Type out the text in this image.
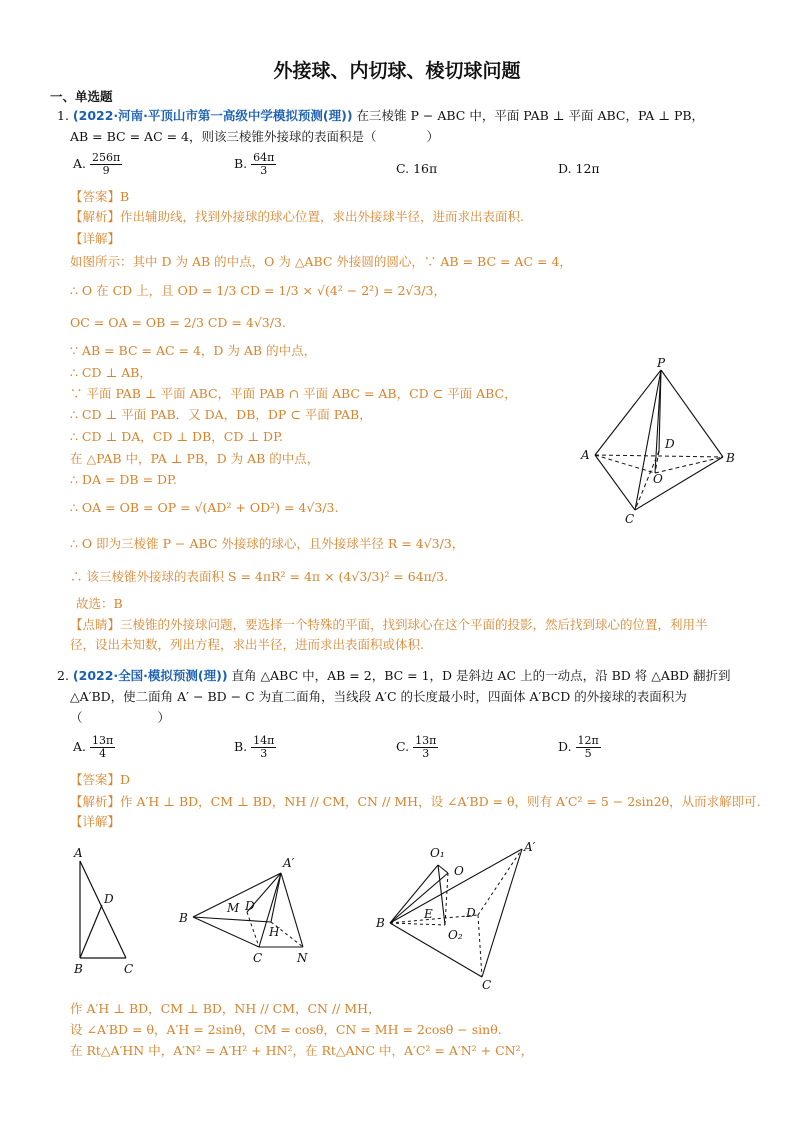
外接球、内切球、棱切球问题
一、单选题
1. (2022·河南·平顶山市第一高级中学模拟预测(理)) 在三棱锥 P − ABC 中，平面 PAB ⊥ 平面 ABC，PA ⊥ PB，
AB = BC = AC = 4，则该三棱锥外接球的表面积是（　　　　）
A. $\frac{256\pi}{9}$	B. $\frac{64\pi}{3}$	C. 16π	D. 12π
【答案】B
【解析】作出辅助线，找到外接球的球心位置，求出外接球半径，进而求出表面积.
【详解】
如图所示：其中 D 为 AB 的中点，O 为 △ABC 外接圆的圆心，∵ AB = BC = AC = 4，
∴ O 在 CD 上，且 OD = 1/3 CD = 1/3 × √(4² − 2²) = 2√3/3，
OC = OA = OB = 2/3 CD = 4√3/3.
∵ AB = BC = AC = 4，D 为 AB 的中点，
∴ CD ⊥ AB，
∵ 平面 PAB ⊥ 平面 ABC，平面 PAB ∩ 平面 ABC = AB，CD ⊂ 平面 ABC，
∴ CD ⊥ 平面 PAB．又 DA，DB，DP ⊂ 平面 PAB，
∴ CD ⊥ DA，CD ⊥ DB，CD ⊥ DP.
在 △PAB 中，PA ⊥ PB，D 为 AB 的中点，
∴ DA = DB = DP.
∴ OA = OB = OP = √(AD² + OD²) = 4√3/3.
∴ O 即为三棱锥 P − ABC 外接球的球心，且外接球半径 R = 4√3/3，
∴ 该三棱锥外接球的表面积 S = 4πR² = 4π × (4√3/3)² = 64π/3.
故选：B
【点睛】三棱锥的外接球问题，要选择一个特殊的平面，找到球心在这个平面的投影，然后找到球心的位置，利用半
径，设出未知数，列出方程，求出半径，进而求出表面积或体积.
P
A	B
C
D
O
2. (2022·全国·模拟预测(理)) 直角 △ABC 中，AB = 2，BC = 1，D 是斜边 AC 上的一动点，沿 BD 将 △ABD 翻折到
△A′BD，使二面角 A′ − BD − C 为直二面角，当线段 A′C 的长度最小时，四面体 A′BCD 的外接球的表面积为
（　　　　　　）
A. $\frac{13\pi}{4}$	B. $\frac{14\pi}{3}$	C. $\frac{13\pi}{3}$	D. $\frac{12\pi}{5}$
【答案】D
【解析】作 A′H ⊥ BD，CM ⊥ BD，NH // CM，CN // MH，设 ∠A′BD = θ，则有 A′C² = 5 − 2sin2θ，从而求解即可.
【详解】
A
D
B	C
A′
B
M D
H
C	N
O₁
O
A′
B
E	D
O₂
C
作 A′H ⊥ BD，CM ⊥ BD，NH // CM，CN // MH，
设 ∠A′BD = θ，A′H = 2sinθ，CM = cosθ，CN = MH = 2cosθ − sinθ.
在 Rt△A′HN 中，A′N² = A′H² + HN²，在 Rt△ANC 中，A′C² = A′N² + CN²，
